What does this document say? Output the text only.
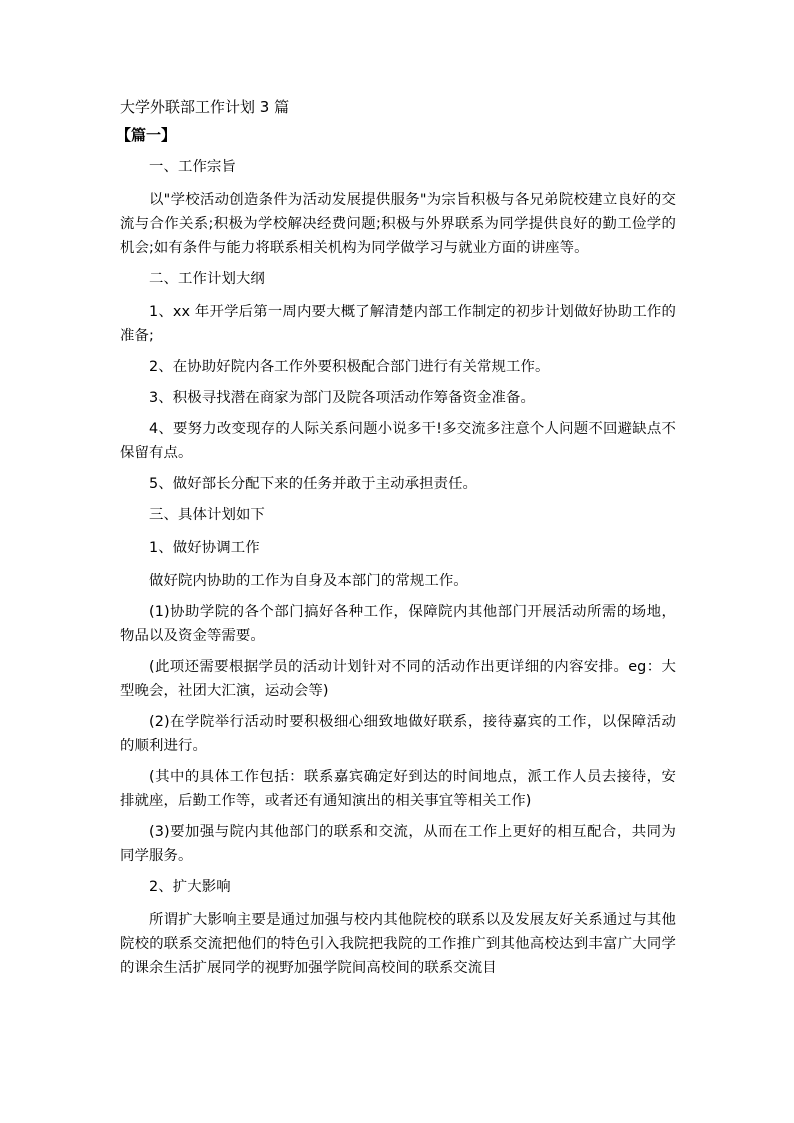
大学外联部工作计划 3 篇
【篇一】

一、工作宗旨

以"学校活动创造条件为活动发展提供服务"为宗旨积极与各兄弟院校建立良好的交流与合作关系;积极为学校解决经费问题;积极与外界联系为同学提供良好的勤工俭学的机会;如有条件与能力将联系相关机构为同学做学习与就业方面的讲座等。

二、工作计划大纲

1、xx 年开学后第一周内要大概了解清楚内部工作制定的初步计划做好协助工作的准备;

2、在协助好院内各工作外要积极配合部门进行有关常规工作。

3、积极寻找潜在商家为部门及院各项活动作筹备资金准备。

4、要努力改变现存的人际关系问题小说多干!多交流多注意个人问题不回避缺点不保留有点。

5、做好部长分配下来的任务并敢于主动承担责任。

三、具体计划如下

1、做好协调工作

做好院内协助的工作为自身及本部门的常规工作。

(1)协助学院的各个部门搞好各种工作，保障院内其他部门开展活动所需的场地，物品以及资金等需要。

(此项还需要根据学员的活动计划针对不同的活动作出更详细的内容安排。eg：大型晚会，社团大汇演，运动会等)

(2)在学院举行活动时要积极细心细致地做好联系，接待嘉宾的工作，以保障活动的顺利进行。

(其中的具体工作包括：联系嘉宾确定好到达的时间地点，派工作人员去接待，安排就座，后勤工作等，或者还有通知演出的相关事宜等相关工作)

(3)要加强与院内其他部门的联系和交流，从而在工作上更好的相互配合，共同为同学服务。

2、扩大影响

所谓扩大影响主要是通过加强与校内其他院校的联系以及发展友好关系通过与其他院校的联系交流把他们的特色引入我院把我院的工作推广到其他高校达到丰富广大同学的课余生活扩展同学的视野加强学院间高校间的联系交流目
